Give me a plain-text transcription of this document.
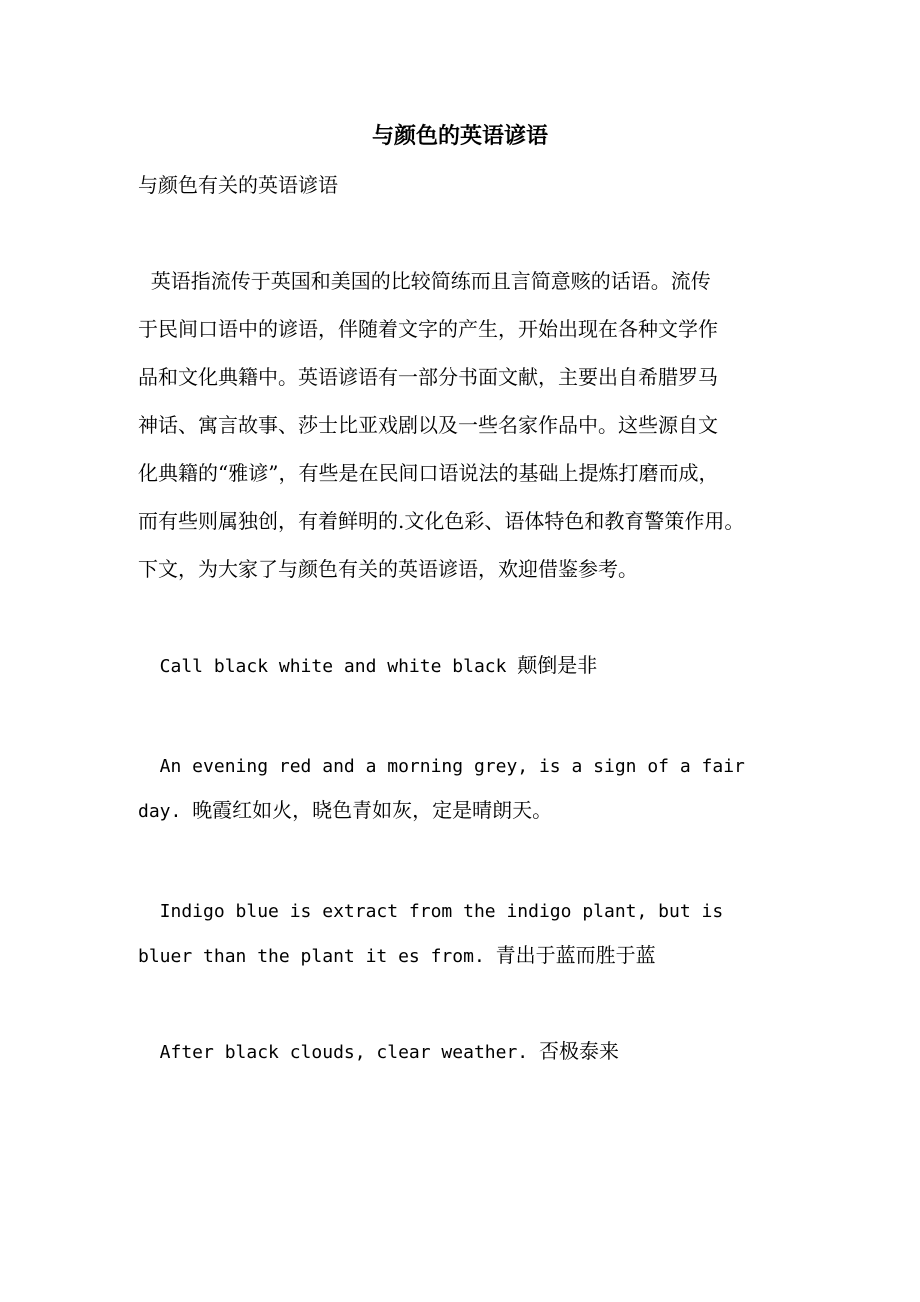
与颜色的英语谚语

与颜色有关的英语谚语

英语指流传于英国和美国的比较简练而且言简意赅的话语。流传

于民间口语中的谚语，伴随着文字的产生，开始出现在各种文学作

品和文化典籍中。英语谚语有一部分书面文献，主要出自希腊罗马

神话、寓言故事、莎士比亚戏剧以及一些名家作品中。这些源自文

化典籍的“雅谚”，有些是在民间口语说法的基础上提炼打磨而成，

而有些则属独创，有着鲜明的.文化色彩、语体特色和教育警策作用。

下文，为大家了与颜色有关的英语谚语，欢迎借鉴参考。

Call black white and white black 颠倒是非

An evening red and a morning grey, is a sign of a fair

day. 晚霞红如火，晓色青如灰，定是晴朗天。

Indigo blue is extract from the indigo plant, but is

bluer than the plant it es from. 青出于蓝而胜于蓝

After black clouds, clear weather. 否极泰来
